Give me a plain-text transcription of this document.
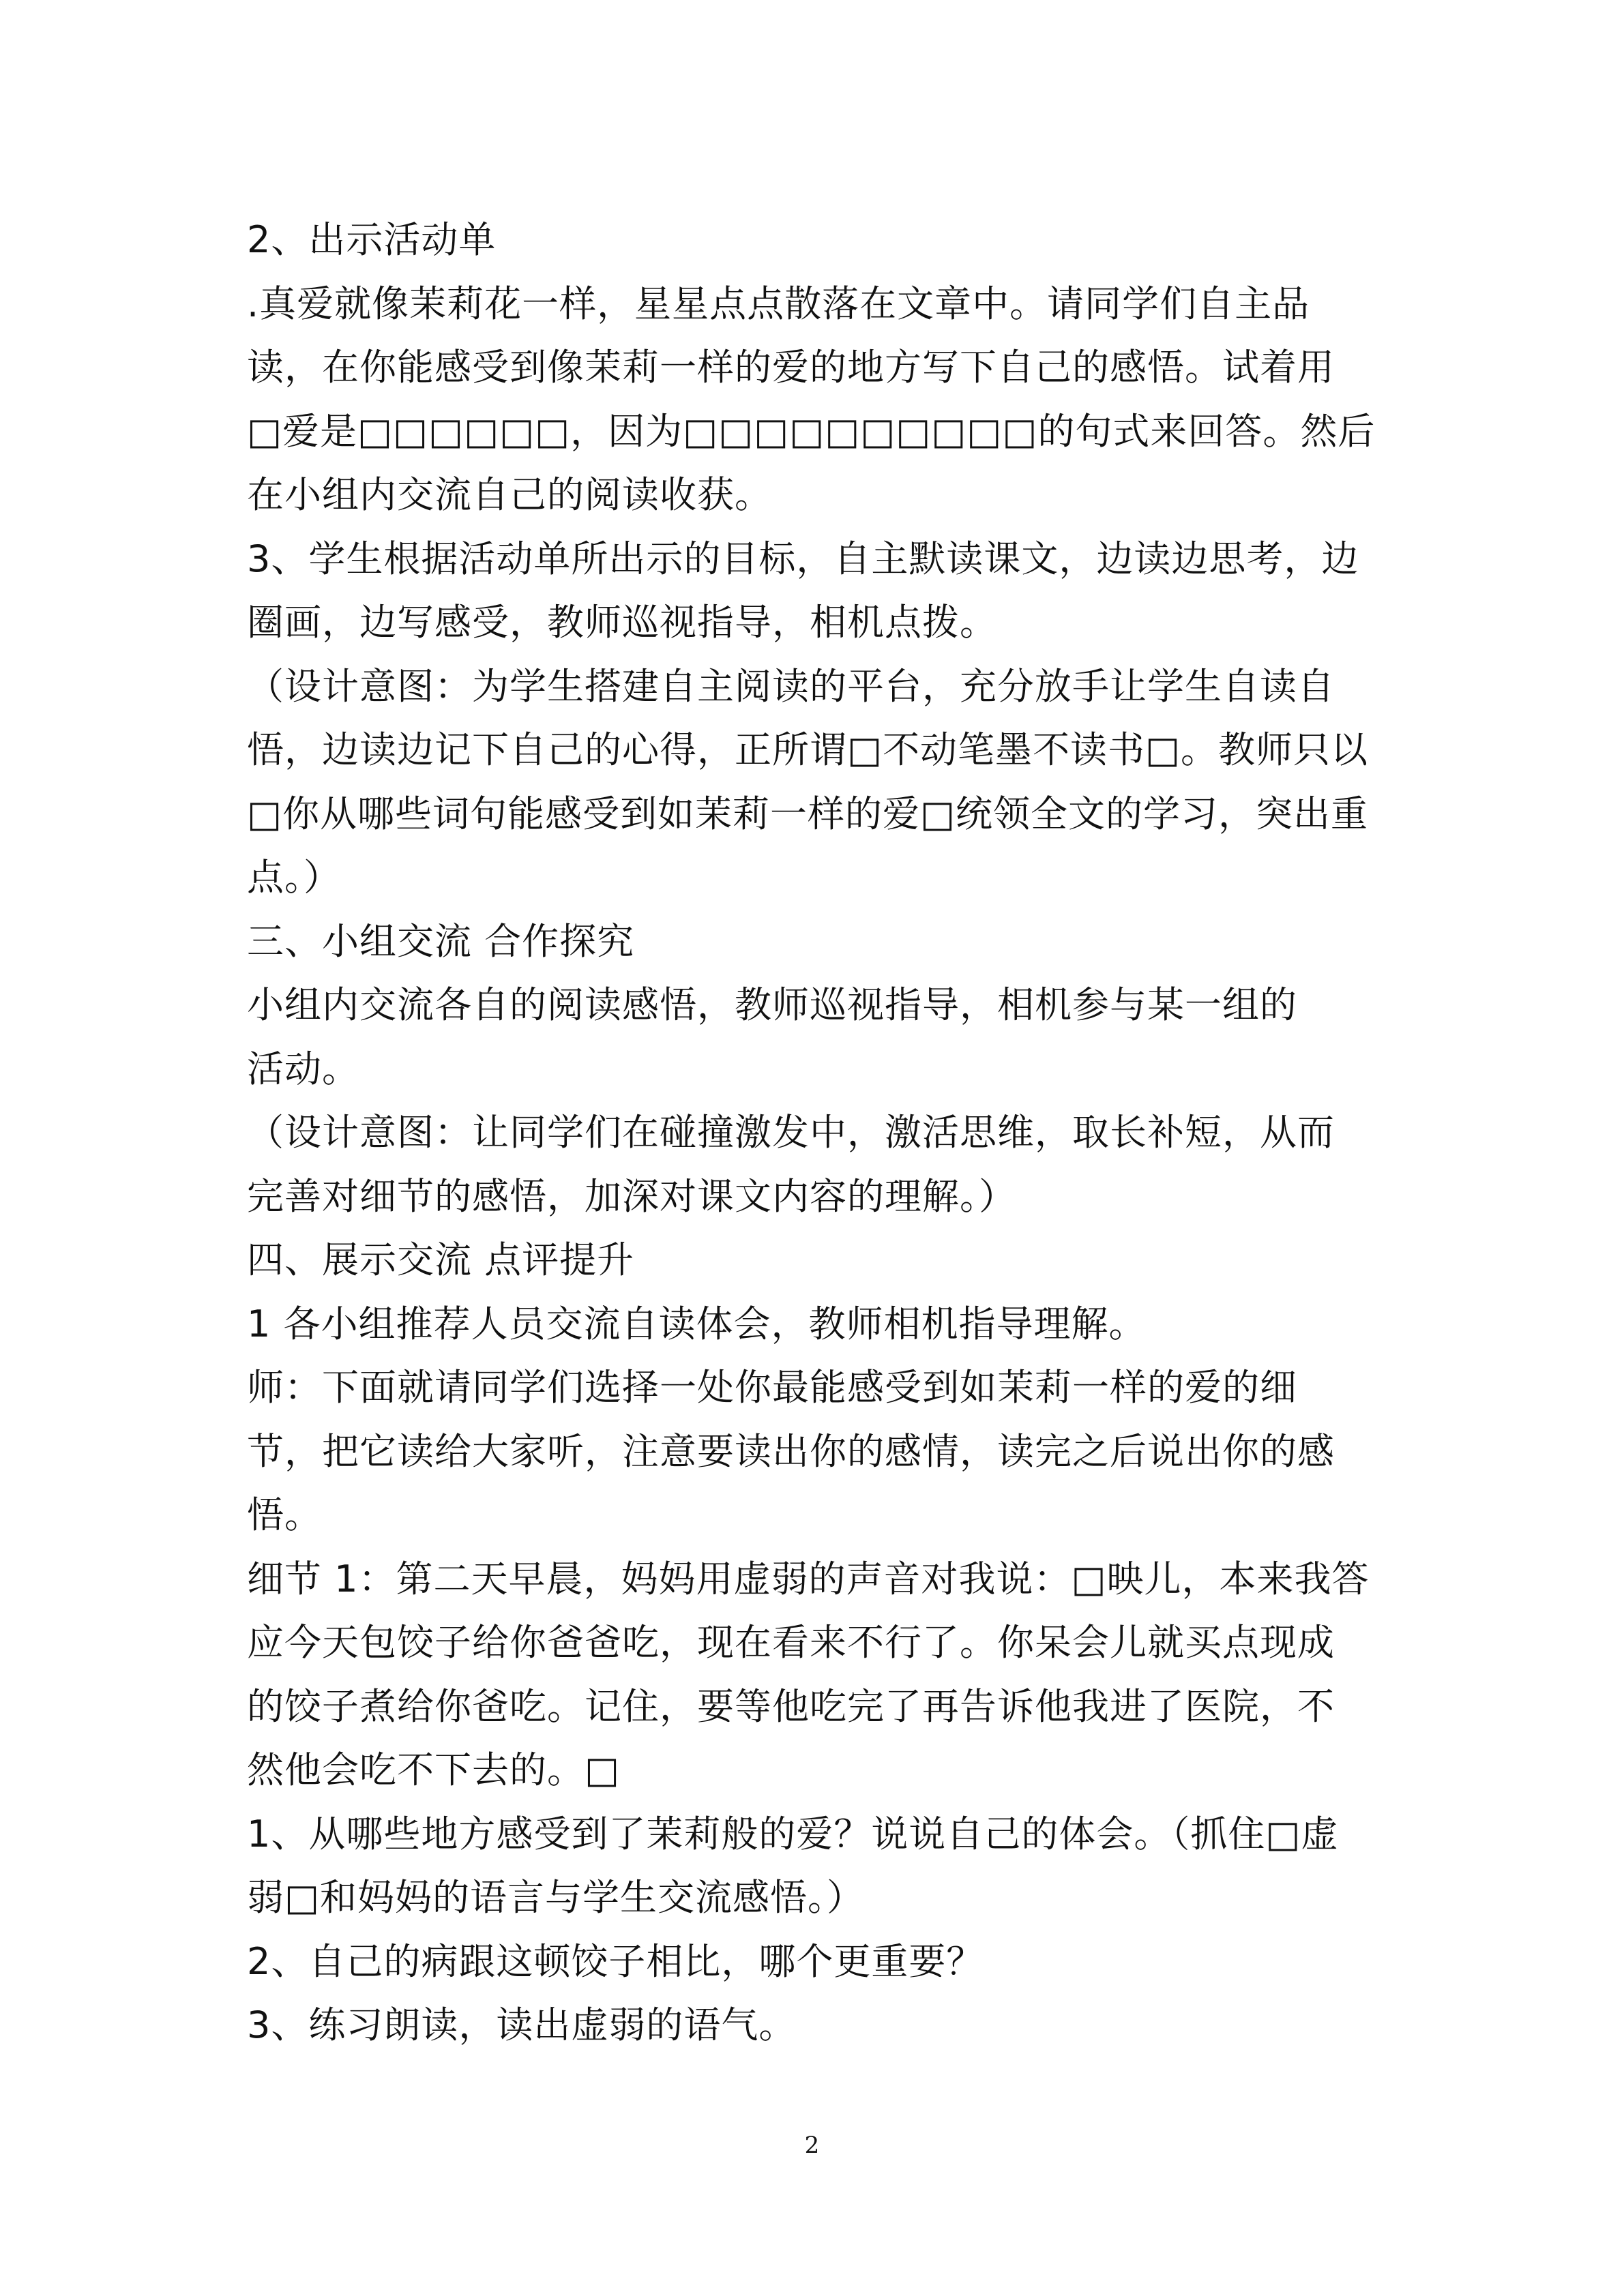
2、出示活动单
.真爱就像茉莉花一样，星星点点散落在文章中。请同学们自主品
读，在你能感受到像茉莉一样的爱的地方写下自己的感悟。试着用
□爱是□□□□□□，因为□□□□□□□□□□的句式来回答。然后
在小组内交流自己的阅读收获。
3、学生根据活动单所出示的目标，自主默读课文，边读边思考，边
圈画，边写感受，教师巡视指导，相机点拨。
（设计意图：为学生搭建自主阅读的平台，充分放手让学生自读自
悟，边读边记下自己的心得，正所谓□不动笔墨不读书□。教师只以
□你从哪些词句能感受到如茉莉一样的爱□统领全文的学习，突出重
点。）
三、小组交流 合作探究
小组内交流各自的阅读感悟，教师巡视指导，相机参与某一组的
活动。
（设计意图：让同学们在碰撞激发中，激活思维，取长补短，从而
完善对细节的感悟，加深对课文内容的理解。）
四、展示交流 点评提升
1 各小组推荐人员交流自读体会，教师相机指导理解。
师：下面就请同学们选择一处你最能感受到如茉莉一样的爱的细
节，把它读给大家听，注意要读出你的感情，读完之后说出你的感
悟。
细节 1：第二天早晨，妈妈用虚弱的声音对我说：□映儿，本来我答
应今天包饺子给你爸爸吃，现在看来不行了。你呆会儿就买点现成
的饺子煮给你爸吃。记住，要等他吃完了再告诉他我进了医院，不
然他会吃不下去的。□
1、从哪些地方感受到了茉莉般的爱？说说自己的体会。（抓住□虚
弱□和妈妈的语言与学生交流感悟。）
2、自己的病跟这顿饺子相比，哪个更重要？
3、练习朗读，读出虚弱的语气。
2
